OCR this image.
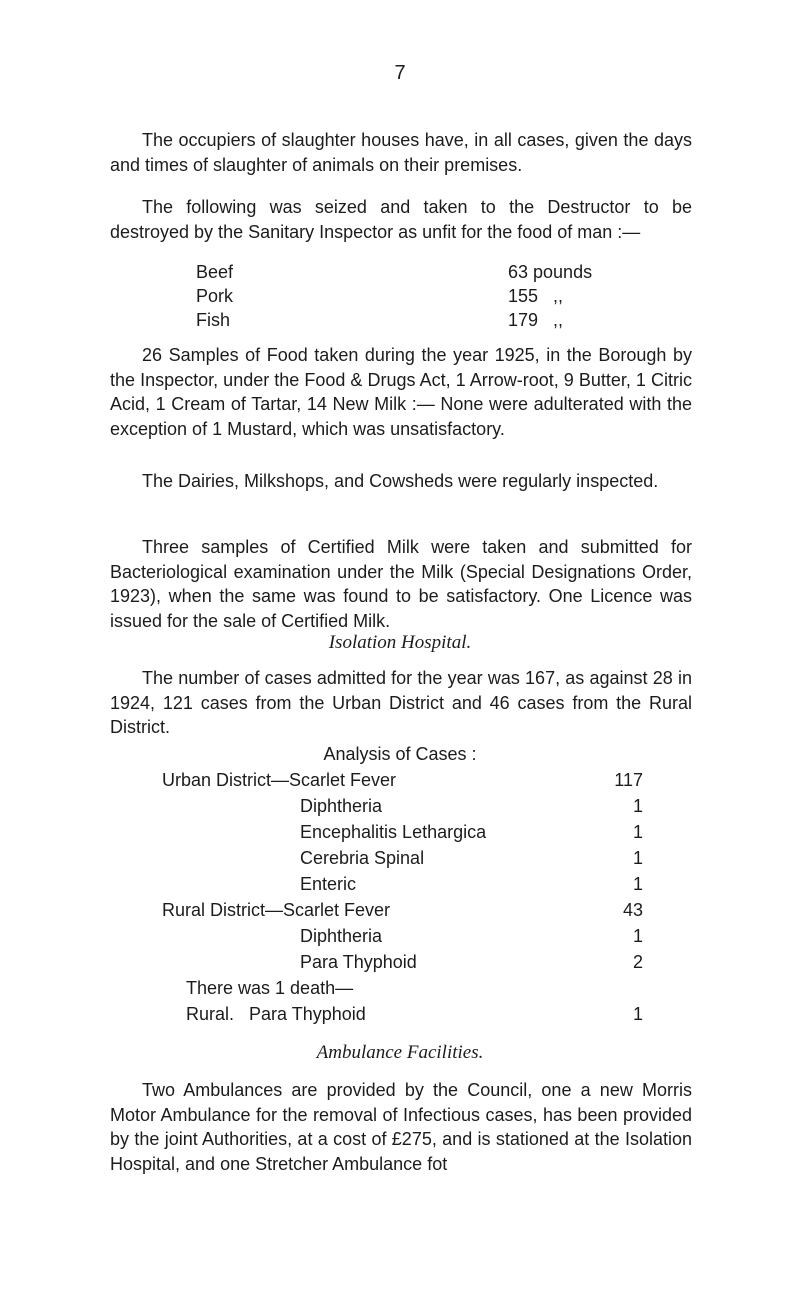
7

The occupiers of slaughter houses have, in all cases, given the days and times of slaughter of animals on their premises.

The following was seized and taken to the Destructor to be destroyed by the Sanitary Inspector as unfit for the food of man :—

Beef	63 pounds
Pork	155   ,,
Fish	179   ,,

26 Samples of Food taken during the year 1925, in the Borough by the Inspector, under the Food & Drugs Act, 1 Arrow-root, 9 Butter, 1 Citric Acid, 1 Cream of Tartar, 14 New Milk :— None were adulterated with the exception of 1 Mustard, which was unsatisfactory.

The Dairies, Milkshops, and Cowsheds were regularly inspected.

Three samples of Certified Milk were taken and submitted for Bacteriological examination under the Milk (Special Designations Order, 1923), when the same was found to be satisfactory. One Licence was issued for the sale of Certified Milk.

Isolation Hospital.

The number of cases admitted for the year was 167, as against 28 in 1924, 121 cases from the Urban District and 46 cases from the Rural District.

Analysis of Cases :
Urban District—Scarlet Fever	117
Diphtheria	1
Encephalitis Lethargica	1
Cerebria Spinal	1
Enteric	1
Rural District—Scarlet Fever	43
Diphtheria	1
Para Thyphoid	2
There was 1 death—
Rural.   Para Thyphoid	1
Ambulance Facilities.

Two Ambulances are provided by the Council, one a new Morris Motor Ambulance for the removal of Infectious cases, has been provided by the joint Authorities, at a cost of £275, and is stationed at the Isolation Hospital, and one Stretcher Ambulance fot
